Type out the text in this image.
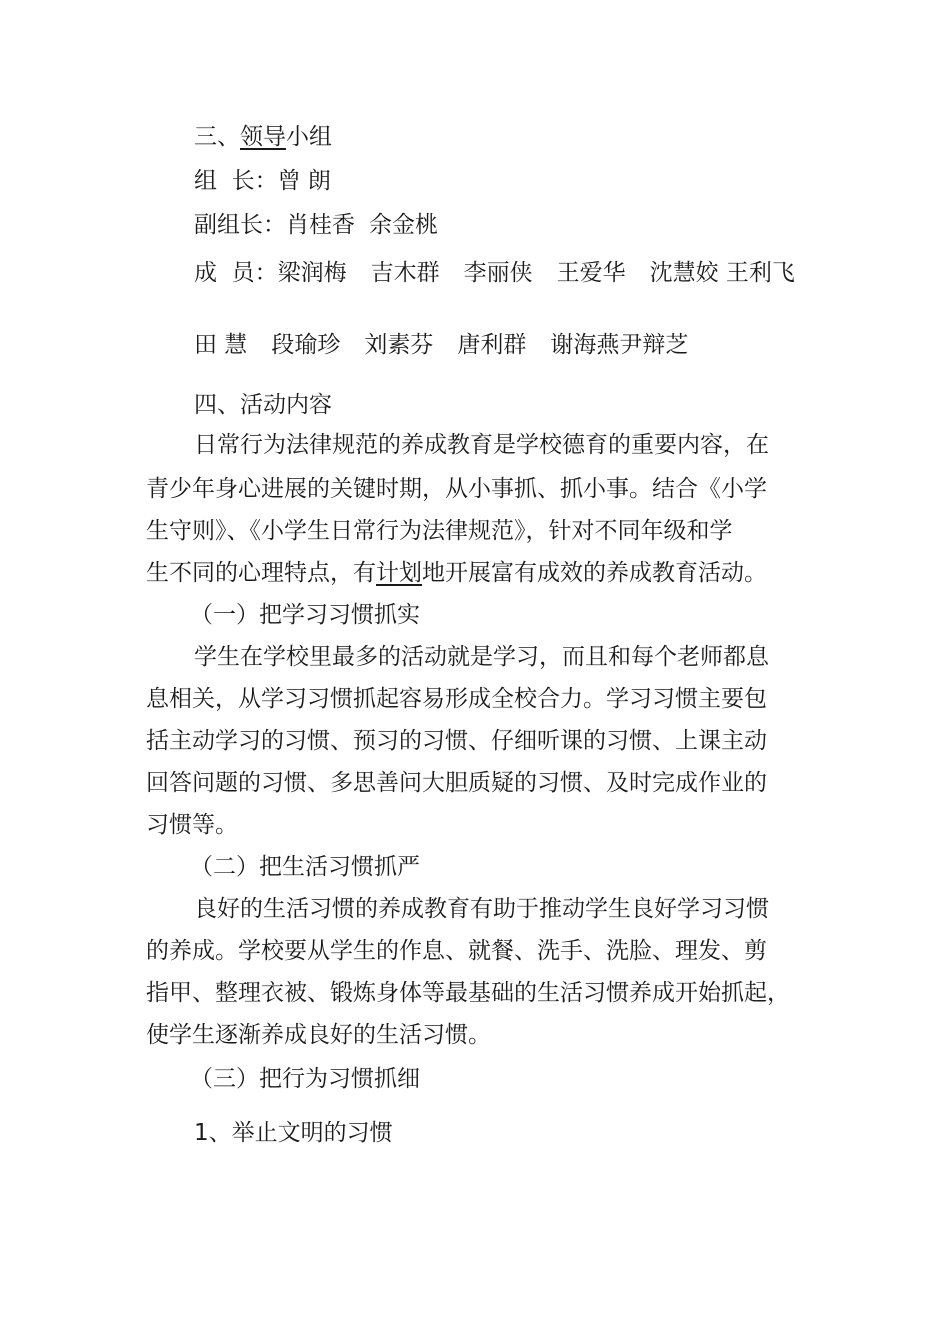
三、领导小组
组  长：曾 朗
副组长：肖桂香 余金桃
成  员：梁润梅 吉木群 李丽侠 王爱华 沈慧姣 王利飞
田 慧 段瑜珍 刘素芬 唐利群 谢海燕尹辩芝
四、活动内容
日常行为法律规范的养成教育是学校德育的重要内容，在
青少年身心进展的关键时期，从小事抓、抓小事。结合《小学
生守则》、《小学生日常行为法律规范》，针对不同年级和学
生不同的心理特点，有计划地开展富有成效的养成教育活动。
（一）把学习习惯抓实
学生在学校里最多的活动就是学习，而且和每个老师都息
息相关，从学习习惯抓起容易形成全校合力。学习习惯主要包
括主动学习的习惯、预习的习惯、仔细听课的习惯、上课主动
回答问题的习惯、多思善问大胆质疑的习惯、及时完成作业的
习惯等。
（二）把生活习惯抓严
良好的生活习惯的养成教育有助于推动学生良好学习习惯
的养成。学校要从学生的作息、就餐、洗手、洗脸、理发、剪
指甲、整理衣被、锻炼身体等最基础的生活习惯养成开始抓起，
使学生逐渐养成良好的生活习惯。
（三）把行为习惯抓细
1、举止文明的习惯
